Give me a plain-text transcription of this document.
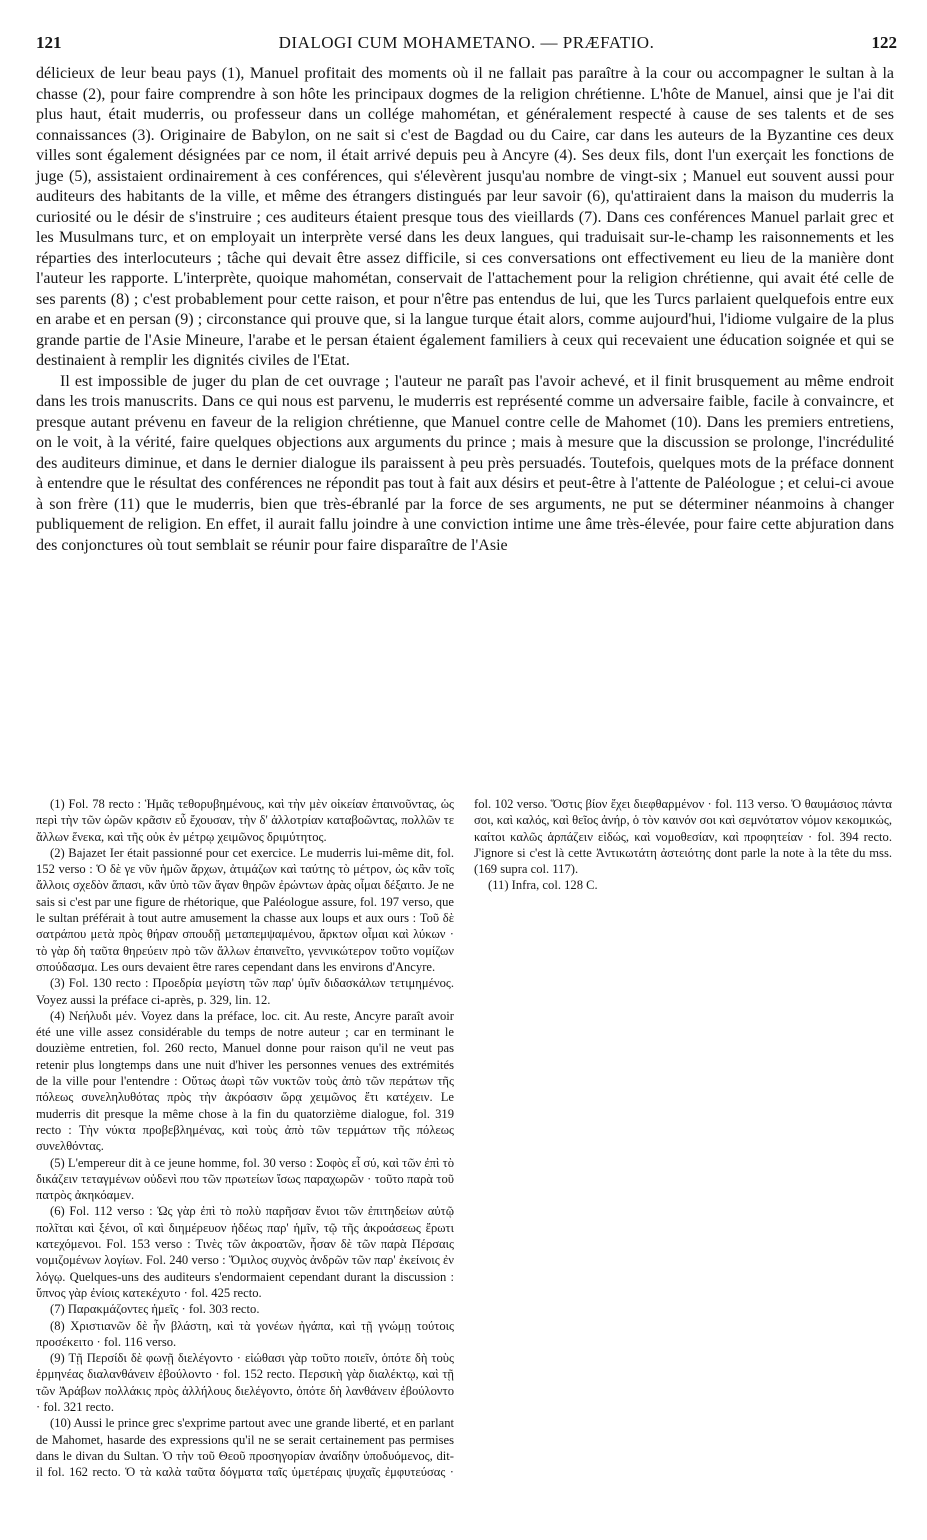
121	DIALOGI CUM MOHAMETANO. — PRÆFATIO.	122

délicieux de leur beau pays (1), Manuel profitait des moments où il ne fallait pas paraître à la cour ou accompagner le sultan à la chasse (2), pour faire comprendre à son hôte les principaux dogmes de la religion chrétienne. L'hôte de Manuel, ainsi que je l'ai dit plus haut, était muderris, ou professeur dans un collége mahométan, et généralement respecté à cause de ses talents et de ses connaissances (3). Originaire de Babylon, on ne sait si c'est de Bagdad ou du Caire, car dans les auteurs de la Byzantine ces deux villes sont également désignées par ce nom, il était arrivé depuis peu à Ancyre (4). Ses deux fils, dont l'un exerçait les fonctions de juge (5), assistaient ordinairement à ces conférences, qui s'élevèrent jusqu'au nombre de vingt-six ; Manuel eut souvent aussi pour auditeurs des habitants de la ville, et même des étrangers distingués par leur savoir (6), qu'attiraient dans la maison du muderris la curiosité ou le désir de s'instruire ; ces auditeurs étaient presque tous des vieillards (7). Dans ces conférences Manuel parlait grec et les Musulmans turc, et on employait un interprète versé dans les deux langues, qui traduisait sur-le-champ les raisonnements et les réparties des interlocuteurs ; tâche qui devait être assez difficile, si ces conversations ont effectivement eu lieu de la manière dont l'auteur les rapporte. L'interprète, quoique mahométan, conservait de l'attachement pour la religion chrétienne, qui avait été celle de ses parents (8) ; c'est probablement pour cette raison, et pour n'être pas entendus de lui, que les Turcs parlaient quelquefois entre eux en arabe et en persan (9) ; circonstance qui prouve que, si la langue turque était alors, comme aujourd'hui, l'idiome vulgaire de la plus grande partie de l'Asie Mineure, l'arabe et le persan étaient également familiers à ceux qui recevaient une éducation soignée et qui se destinaient à remplir les dignités civiles de l'Etat.

Il est impossible de juger du plan de cet ouvrage ; l'auteur ne paraît pas l'avoir achevé, et il finit brusquement au même endroit dans les trois manuscrits. Dans ce qui nous est parvenu, le muderris est représenté comme un adversaire faible, facile à convaincre, et presque autant prévenu en faveur de la religion chrétienne, que Manuel contre celle de Mahomet (10). Dans les premiers entretiens, on le voit, à la vérité, faire quelques objections aux arguments du prince ; mais à mesure que la discussion se prolonge, l'incrédulité des auditeurs diminue, et dans le dernier dialogue ils paraissent à peu près persuadés. Toutefois, quelques mots de la préface donnent à entendre que le résultat des conférences ne répondit pas tout à fait aux désirs et peut-être à l'attente de Paléologue ; et celui-ci avoue à son frère (11) que le muderris, bien que très-ébranlé par la force de ses arguments, ne put se déterminer néanmoins à changer publiquement de religion. En effet, il aurait fallu joindre à une conviction intime une âme très-élevée, pour faire cette abjuration dans des conjonctures où tout semblait se réunir pour faire disparaître de l'Asie

(1) Fol. 78 recto : Ἡμᾶς τεθορυβημένους, καὶ τὴν μὲν οἰκείαν ἐπαινοῦντας, ὡς περὶ τὴν τῶν ὡρῶν κρᾶσιν εὖ ἔχουσαν, τὴν δ' ἀλλοτρίαν καταβοῶντας, πολλῶν τε ἄλλων ἕνεκα, καὶ τῆς οὐκ ἐν μέτρῳ χειμῶνος δριμύτητος.

(2) Bajazet Ier était passionné pour cet exercice. Le muderris lui-même dit, fol. 152 verso : Ὁ δὲ γε νῦν ἡμῶν ἄρχων, ἀτιμάζων καὶ ταύτης τὸ μέτρον, ὡς κἂν τοῖς ἄλλοις σχεδὸν ἅπασι, κἂν ὑπὸ τῶν ἄγαν θηρῶν ἐρώντων ἀρὰς οἶμαι δέξαιτο. Je ne sais si c'est par une figure de rhétorique, que Paléologue assure, fol. 197 verso, que le sultan préférait à tout autre amusement la chasse aux loups et aux ours : Τοῦ δὲ σατράπου μετὰ πρὸς θήραν σπουδῇ μεταπεμψαμένου, ἄρκτων οἶμαι καὶ λύκων · τὸ γὰρ δὴ ταῦτα θηρεύειν πρὸ τῶν ἄλλων ἐπαινεῖτο, γεννικώτερον τοῦτο νομίζων σπούδασμα. Les ours devaient être rares cependant dans les environs d'Ancyre.

(3) Fol. 130 recto : Προεδρία μεγίστη τῶν παρ' ὑμῖν διδασκάλων τετιμημένος. Voyez aussi la préface ci-après, p. 329, lin. 12.

(4) Νεήλυδι μέν. Voyez dans la préface, loc. cit. Au reste, Ancyre paraît avoir été une ville assez considérable du temps de notre auteur ; car en terminant le douzième entretien, fol. 260 recto, Manuel donne pour raison qu'il ne veut pas retenir plus longtemps dans une nuit d'hiver les personnes venues des extrémités de la ville pour l'entendre : Οὕτως ἀωρὶ τῶν νυκτῶν τοὺς ἀπὸ τῶν περάτων τῆς πόλεως συνεληλυθότας πρὸς τὴν ἀκρόασιν ὥρᾳ χειμῶνος ἔτι κατέχειν. Le muderris dit presque la même chose à la fin du quatorzième dialogue, fol. 319 recto : Τὴν νύκτα προβεβλημένας, καὶ τοὺς ἀπὸ τῶν τερμάτων τῆς πόλεως συνελθόντας.

(5) L'empereur dit à ce jeune homme, fol. 30 verso : Σοφὸς εἶ σύ, καὶ τῶν ἐπὶ τὸ δικάζειν τεταγμένων οὐδενὶ που τῶν πρωτείων ἴσως παραχωρῶν · τοῦτο παρὰ τοῦ πατρὸς ἀκηκόαμεν.

(6) Fol. 112 verso : Ὡς γὰρ ἐπὶ τὸ πολὺ παρῆσαν ἔνιοι τῶν ἐπιτηδείων αὐτῷ πολῖται καὶ ξένοι, οἳ καὶ διημέρευον ἡδέως παρ' ἡμῖν, τῷ τῆς ἀκροάσεως ἔρωτι κατεχόμενοι. Fol. 153 verso : Τινὲς τῶν ἀκροατῶν, ἦσαν δὲ τῶν παρὰ Πέρσαις νομιζομένων λογίων. Fol. 240 verso : Ὅμιλος συχνὸς ἀνδρῶν τῶν παρ' ἐκείνοις ἐν λόγῳ. Quelques-uns des auditeurs s'endormaient cependant durant la discussion : ὕπνος γὰρ ἐνίοις κατεκέχυτο · fol. 425 recto.

(7) Παρακμάζοντες ἡμεῖς · fol. 303 recto.

(8) Χριστιανῶν δὲ ἦν βλάστη, καὶ τὰ γονέων ἠγάπα, καὶ τῇ γνώμῃ τούτοις προσέκειτο · fol. 116 verso.

(9) Τῇ Περσίδι δὲ φωνῇ διελέγοντο · εἰώθασι γὰρ τοῦτο ποιεῖν, ὁπότε δὴ τοὺς ἑρμηνέας διαλανθάνειν ἐβούλοντο · fol. 152 recto. Περσικὴ γὰρ διαλέκτῳ, καὶ τῇ τῶν Ἀράβων πολλάκις πρὸς ἀλλήλους διελέγοντο, ὁπότε δὴ λανθάνειν ἐβούλοντο · fol. 321 recto.

(10) Aussi le prince grec s'exprime partout avec une grande liberté, et en parlant de Mahomet, hasarde des expressions qu'il ne se serait certainement pas permises dans le divan du Sultan. Ὁ τὴν τοῦ Θεοῦ προσηγορίαν ἀναίδην ὑποδυόμενος, dit-il fol. 162 recto. Ὁ τὰ καλὰ ταῦτα δόγματα ταῖς ὑμετέραις ψυχαῖς ἐμφυτεύσας · fol. 102 verso. Ὅστις βίον ἔχει διεφθαρμένον · fol. 113 verso. Ὁ θαυμάσιος πάντα σοι, καὶ καλός, καὶ θεῖος ἀνήρ, ὁ τὸν καινόν σοι καὶ σεμνότατον νόμον κεκομικώς, καίτοι καλῶς ἁρπάζειν εἰδώς, καὶ νομοθεσίαν, καὶ προφητείαν · fol. 394 recto. J'ignore si c'est là cette Ἀντικωτάτη ἀστειότης dont parle la note à la tête du mss. (169 supra col. 117).

(11) Infra, col. 128 C.
